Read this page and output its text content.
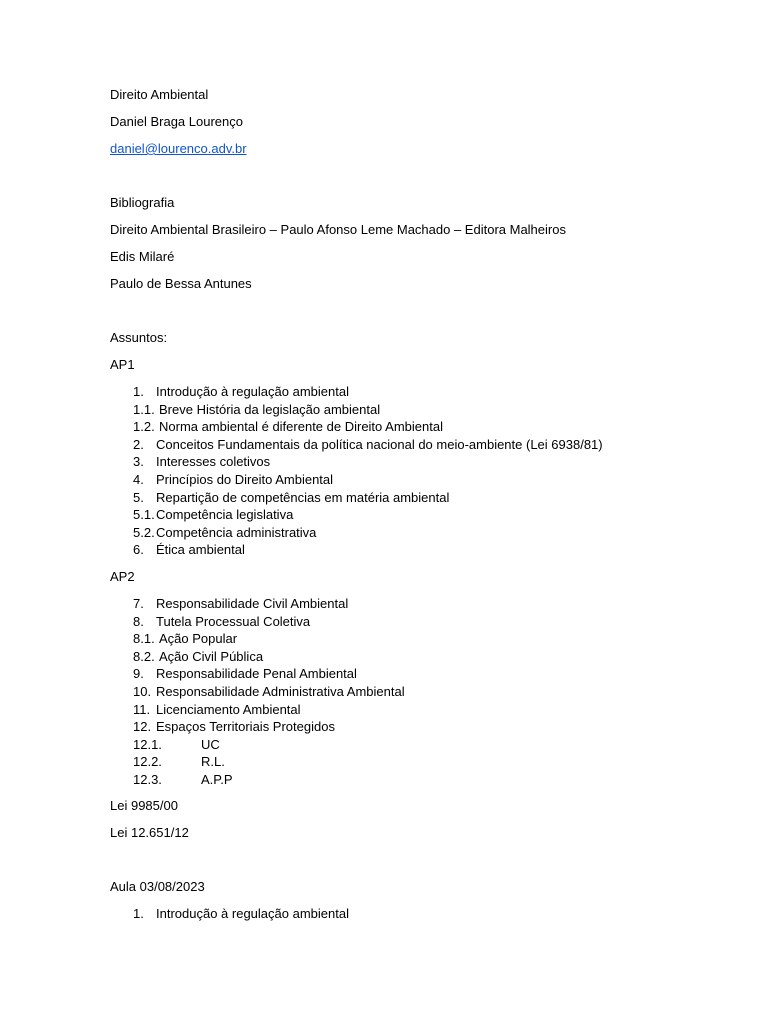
Direito Ambiental
Daniel Braga Lourenço
daniel@lourenco.adv.br
Bibliografia
Direito Ambiental Brasileiro – Paulo Afonso Leme Machado – Editora Malheiros
Edis Milaré
Paulo de Bessa Antunes
Assuntos:
AP1
1. Introdução à regulação ambiental
1.1. Breve História da legislação ambiental
1.2. Norma ambiental é diferente de Direito Ambiental
2. Conceitos Fundamentais da política nacional do meio-ambiente (Lei 6938/81)
3. Interesses coletivos
4. Princípios do Direito Ambiental
5. Repartição de competências em matéria ambiental
5.1. Competência legislativa
5.2. Competência administrativa
6. Ética ambiental
AP2
7. Responsabilidade Civil Ambiental
8. Tutela Processual Coletiva
8.1. Ação Popular
8.2. Ação Civil Pública
9. Responsabilidade Penal Ambiental
10. Responsabilidade Administrativa Ambiental
11. Licenciamento Ambiental
12. Espaços Territoriais Protegidos
12.1.	UC
12.2.	R.L.
12.3.	A.P.P
Lei 9985/00
Lei 12.651/12
Aula 03/08/2023
1. Introdução à regulação ambiental
